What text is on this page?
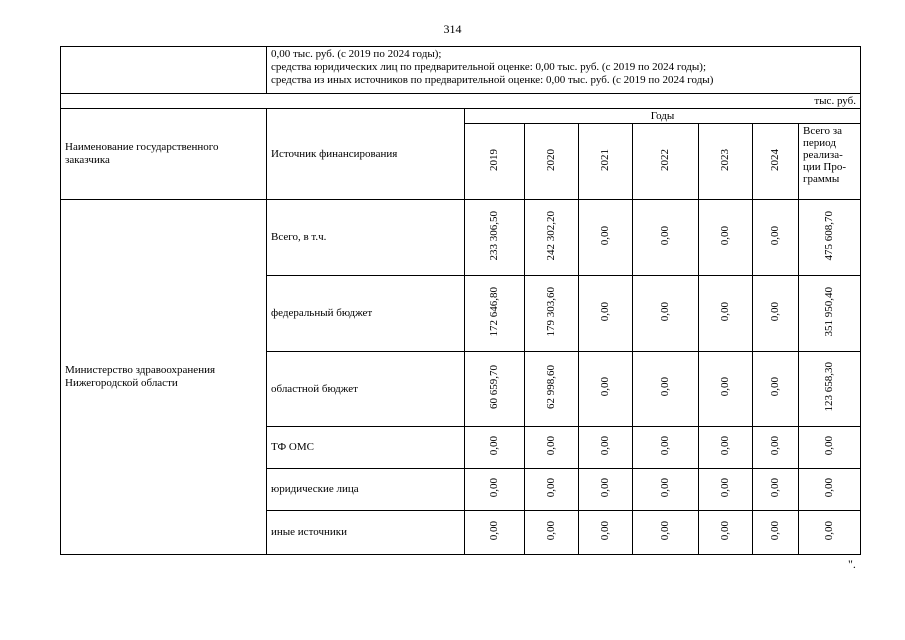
314

	0,00 тыс. руб. (с 2019 по 2024 годы);
средства юридических лиц по предварительной оценке: 0,00 тыс. руб. (с 2019 по 2024 годы);
средства из иных источников по предварительной оценке: 0,00 тыс. руб. (с 2019 по 2024 годы)							

тыс. руб.								
Наименование государственного заказчика	Источник финансирования	Годы						
		2019	2020	2021	2022	2023	2024	Всего за период реализа-ции Про-граммы
Министерство здравоохранения Нижегородской области	Всего, в т.ч.	233 306,50	242 302,20	0,00	0,00	0,00	0,00	475 608,70
	федеральный бюджет	172 646,80	179 303,60	0,00	0,00	0,00	0,00	351 950,40
	областной бюджет	60 659,70	62 998,60	0,00	0,00	0,00	0,00	123 658,30
	ТФ ОМС	0,00	0,00	0,00	0,00	0,00	0,00	0,00
	юридические лица	0,00	0,00	0,00	0,00	0,00	0,00	0,00
	иные источники	0,00	0,00	0,00	0,00	0,00	0,00	0,00
".
